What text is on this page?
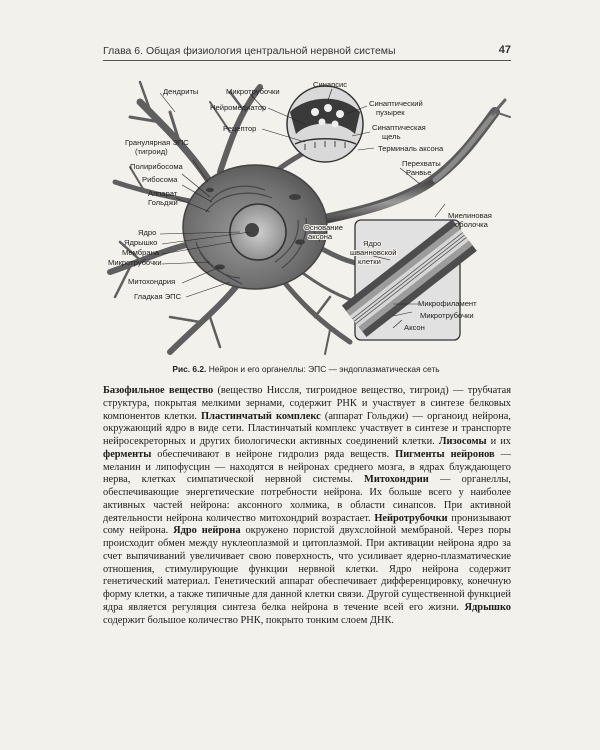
Глава 6. Общая физиология центральной нервной системы	47
Дендриты	Микротрубочки
Синапсис
Нейромедиатор
Рецептор
Синаптический
пузырек
Синаптическая
щель
Терминаль аксона
Перехваты
Ранвье
Гранулярная ЭПС
(тигроид)
Полирибосома
Рибосома
Аппарат
Гольджи
Ядро
Ядрышко
Мембрана
Микротрубочки
Митохондрия
Гладкая ЭПС
Основание
аксона
Ядро
шванновской
клетки
Миелиновая
оболочка
Микрофиламент
Микротрубочки
Аксон
Рис. 6.2. Нейрон и его органеллы: ЭПС — эндоплазматическая сеть
Базофильное вещество (вещество Нисcля, тигроидное вещество, тигроид) — трубчатая структура, покрытая мелкими зернами, содержит РНК и участвует в синтезе белковых компонентов клетки. Пластинчатый комплекс (аппарат Гольджи) — органоид нейрона, окружающий ядро в виде сети. Пластинчатый комплекс участвует в синтезе и транспорте нейросекреторных и других биологически активных соединений клетки. Лизосомы и их ферменты обеспечивают в нейроне гидролиз ряда веществ. Пигменты нейронов — меланин и липофусцин — находятся в нейронах среднего мозга, в ядрах блуждающего нерва, клетках симпатической нервной системы. Митохондрии — органеллы, обеспечивающие энергетические потребности нейрона. Их больше всего у наиболее активных частей нейрона: аксонного холмика, в области синапсов. При активной деятельности нейрона количество митохондрий возрастает. Нейротрубочки пронизывают сому нейрона. Ядро нейрона окружено пористой двухслойной мембраной. Через поры происходит обмен между нуклеоплазмой и цитоплазмой. При активации нейрона ядро за счет выпячиваний увеличивает свою поверхность, что усиливает ядерно-плазматические отношения, стимулирующие функции нервной клетки. Ядро нейрона содержит генетический материал. Генетический аппарат обеспечивает дифференцировку, конечную форму клетки, а также типичные для данной клетки связи. Другой существенной функцией ядра является регуляция синтеза белка нейрона в течение всей его жизни. Ядрышко содержит большое количество РНК, покрыто тонким слоем ДНК.
